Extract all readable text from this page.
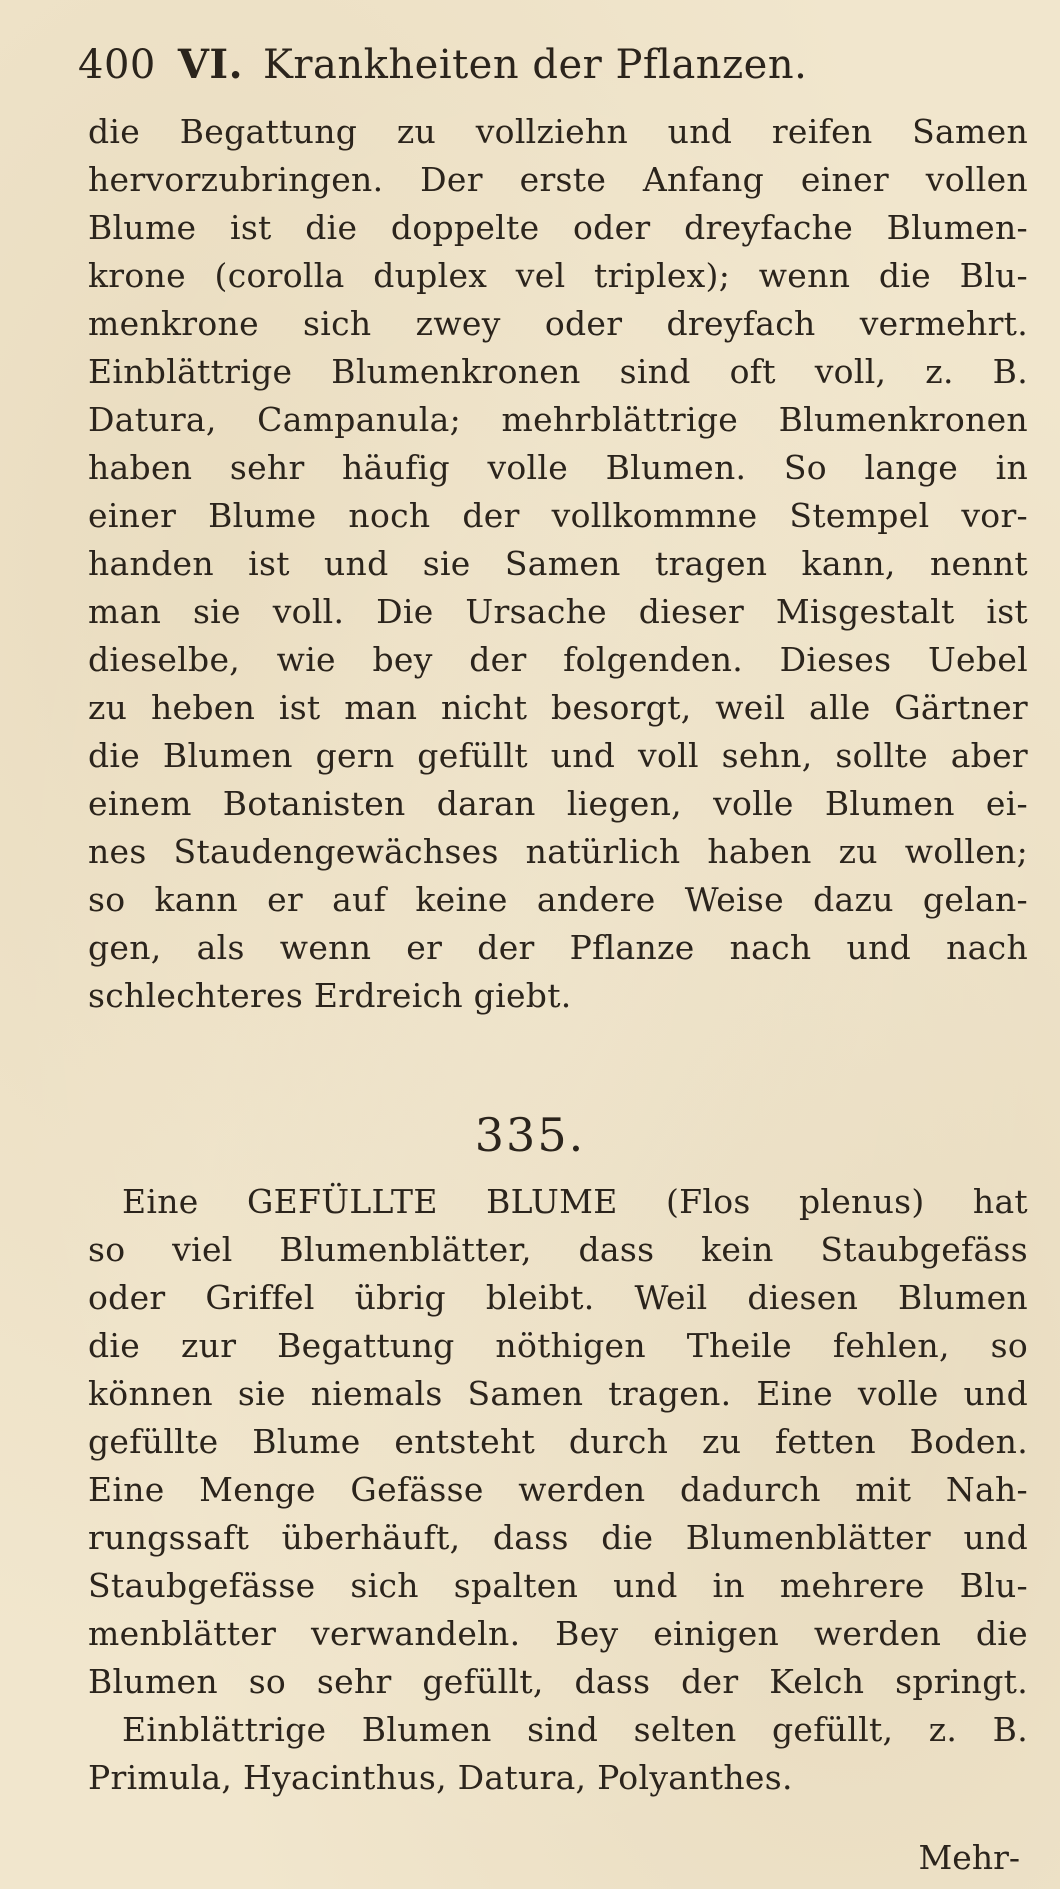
400 VI. Krankheiten der Pflanzen.
die Begattung zu vollziehn und reifen Samen
hervorzubringen. Der erste Anfang einer vollen
Blume ist die doppelte oder dreyfache Blumen-
krone (corolla duplex vel triplex); wenn die Blu-
menkrone sich zwey oder dreyfach vermehrt.
Einblättrige Blumenkronen sind oft voll, z. B.
Datura, Campanula; mehrblättrige Blumenkronen
haben sehr häufig volle Blumen. So lange in
einer Blume noch der vollkommne Stempel vor-
handen ist und sie Samen tragen kann, nennt
man sie voll. Die Ursache dieser Misgestalt ist
dieselbe, wie bey der folgenden. Dieses Uebel
zu heben ist man nicht besorgt, weil alle Gärtner
die Blumen gern gefüllt und voll sehn, sollte aber
einem Botanisten daran liegen, volle Blumen ei-
nes Staudengewächses natürlich haben zu wollen;
so kann er auf keine andere Weise dazu gelan-
gen, als wenn er der Pflanze nach und nach
schlechteres Erdreich giebt.
335.
Eine GEFÜLLTE BLUME (Flos plenus) hat
so viel Blumenblätter, dass kein Staubgefäss
oder Griffel übrig bleibt. Weil diesen Blumen
die zur Begattung nöthigen Theile fehlen, so
können sie niemals Samen tragen. Eine volle und
gefüllte Blume entsteht durch zu fetten Boden.
Eine Menge Gefässe werden dadurch mit Nah-
rungssaft überhäuft, dass die Blumenblätter und
Staubgefässe sich spalten und in mehrere Blu-
menblätter verwandeln. Bey einigen werden die
Blumen so sehr gefüllt, dass der Kelch springt.
Einblättrige Blumen sind selten gefüllt, z. B.
Primula, Hyacinthus, Datura, Polyanthes.
Mehr-
